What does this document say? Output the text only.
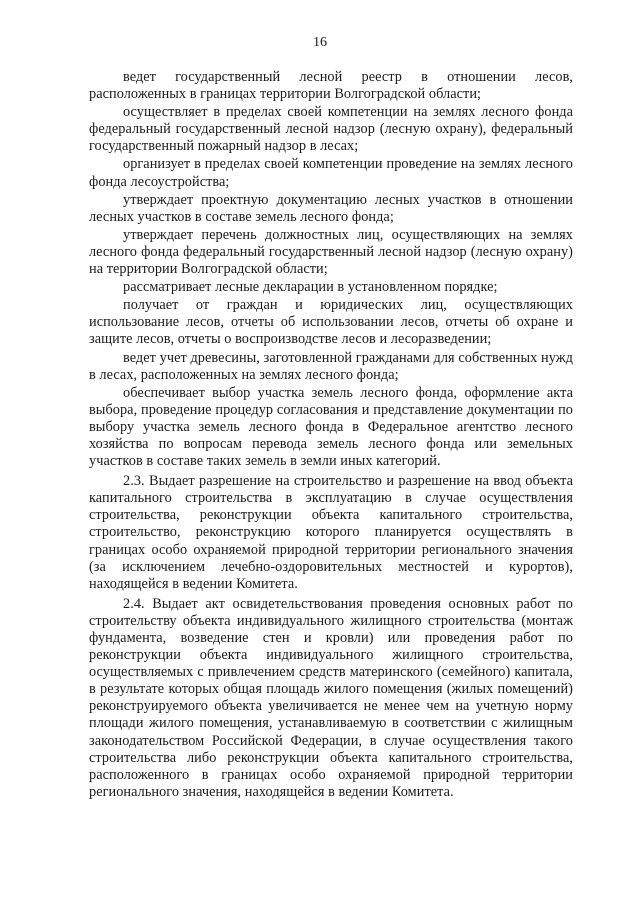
16

ведет государственный лесной реестр в отношении лесов, расположенных в границах территории Волгоградской области;

осуществляет в пределах своей компетенции на землях лесного фонда федеральный государственный лесной надзор (лесную охрану), федеральный государственный пожарный надзор в лесах;

организует в пределах своей компетенции проведение на землях лесного фонда лесоустройства;

утверждает проектную документацию лесных участков в отношении лесных участков в составе земель лесного фонда;

утверждает перечень должностных лиц, осуществляющих на землях лесного фонда федеральный государственный лесной надзор (лесную охрану) на территории Волгоградской области;

рассматривает лесные декларации в установленном порядке;

получает от граждан и юридических лиц, осуществляющих использование лесов, отчеты об использовании лесов, отчеты об охране и защите лесов, отчеты о воспроизводстве лесов и лесоразведении;

ведет учет древесины, заготовленной гражданами для собственных нужд в лесах, расположенных на землях лесного фонда;

обеспечивает выбор участка земель лесного фонда, оформление акта выбора, проведение процедур согласования и представление документации по выбору участка земель лесного фонда в Федеральное агентство лесного хозяйства по вопросам перевода земель лесного фонда или земельных участков в составе таких земель в земли иных категорий.

2.3. Выдает разрешение на строительство и разрешение на ввод объекта капитального строительства в эксплуатацию в случае осуществления строительства, реконструкции объекта капитального строительства, строительство, реконструкцию которого планируется осуществлять в границах особо охраняемой природной территории регионального значения (за исключением лечебно-оздоровительных местностей и курортов), находящейся в ведении Комитета.

2.4. Выдает акт освидетельствования проведения основных работ по строительству объекта индивидуального жилищного строительства (монтаж фундамента, возведение стен и кровли) или проведения работ по реконструкции объекта индивидуального жилищного строительства, осуществляемых с привлечением средств материнского (семейного) капитала, в результате которых общая площадь жилого помещения (жилых помещений) реконструируемого объекта увеличивается не менее чем на учетную норму площади жилого помещения, устанавливаемую в соответствии с жилищным законодательством Российской Федерации, в случае осуществления такого строительства либо реконструкции объекта капитального строительства, расположенного в границах особо охраняемой природной территории регионального значения, находящейся в ведении Комитета.
